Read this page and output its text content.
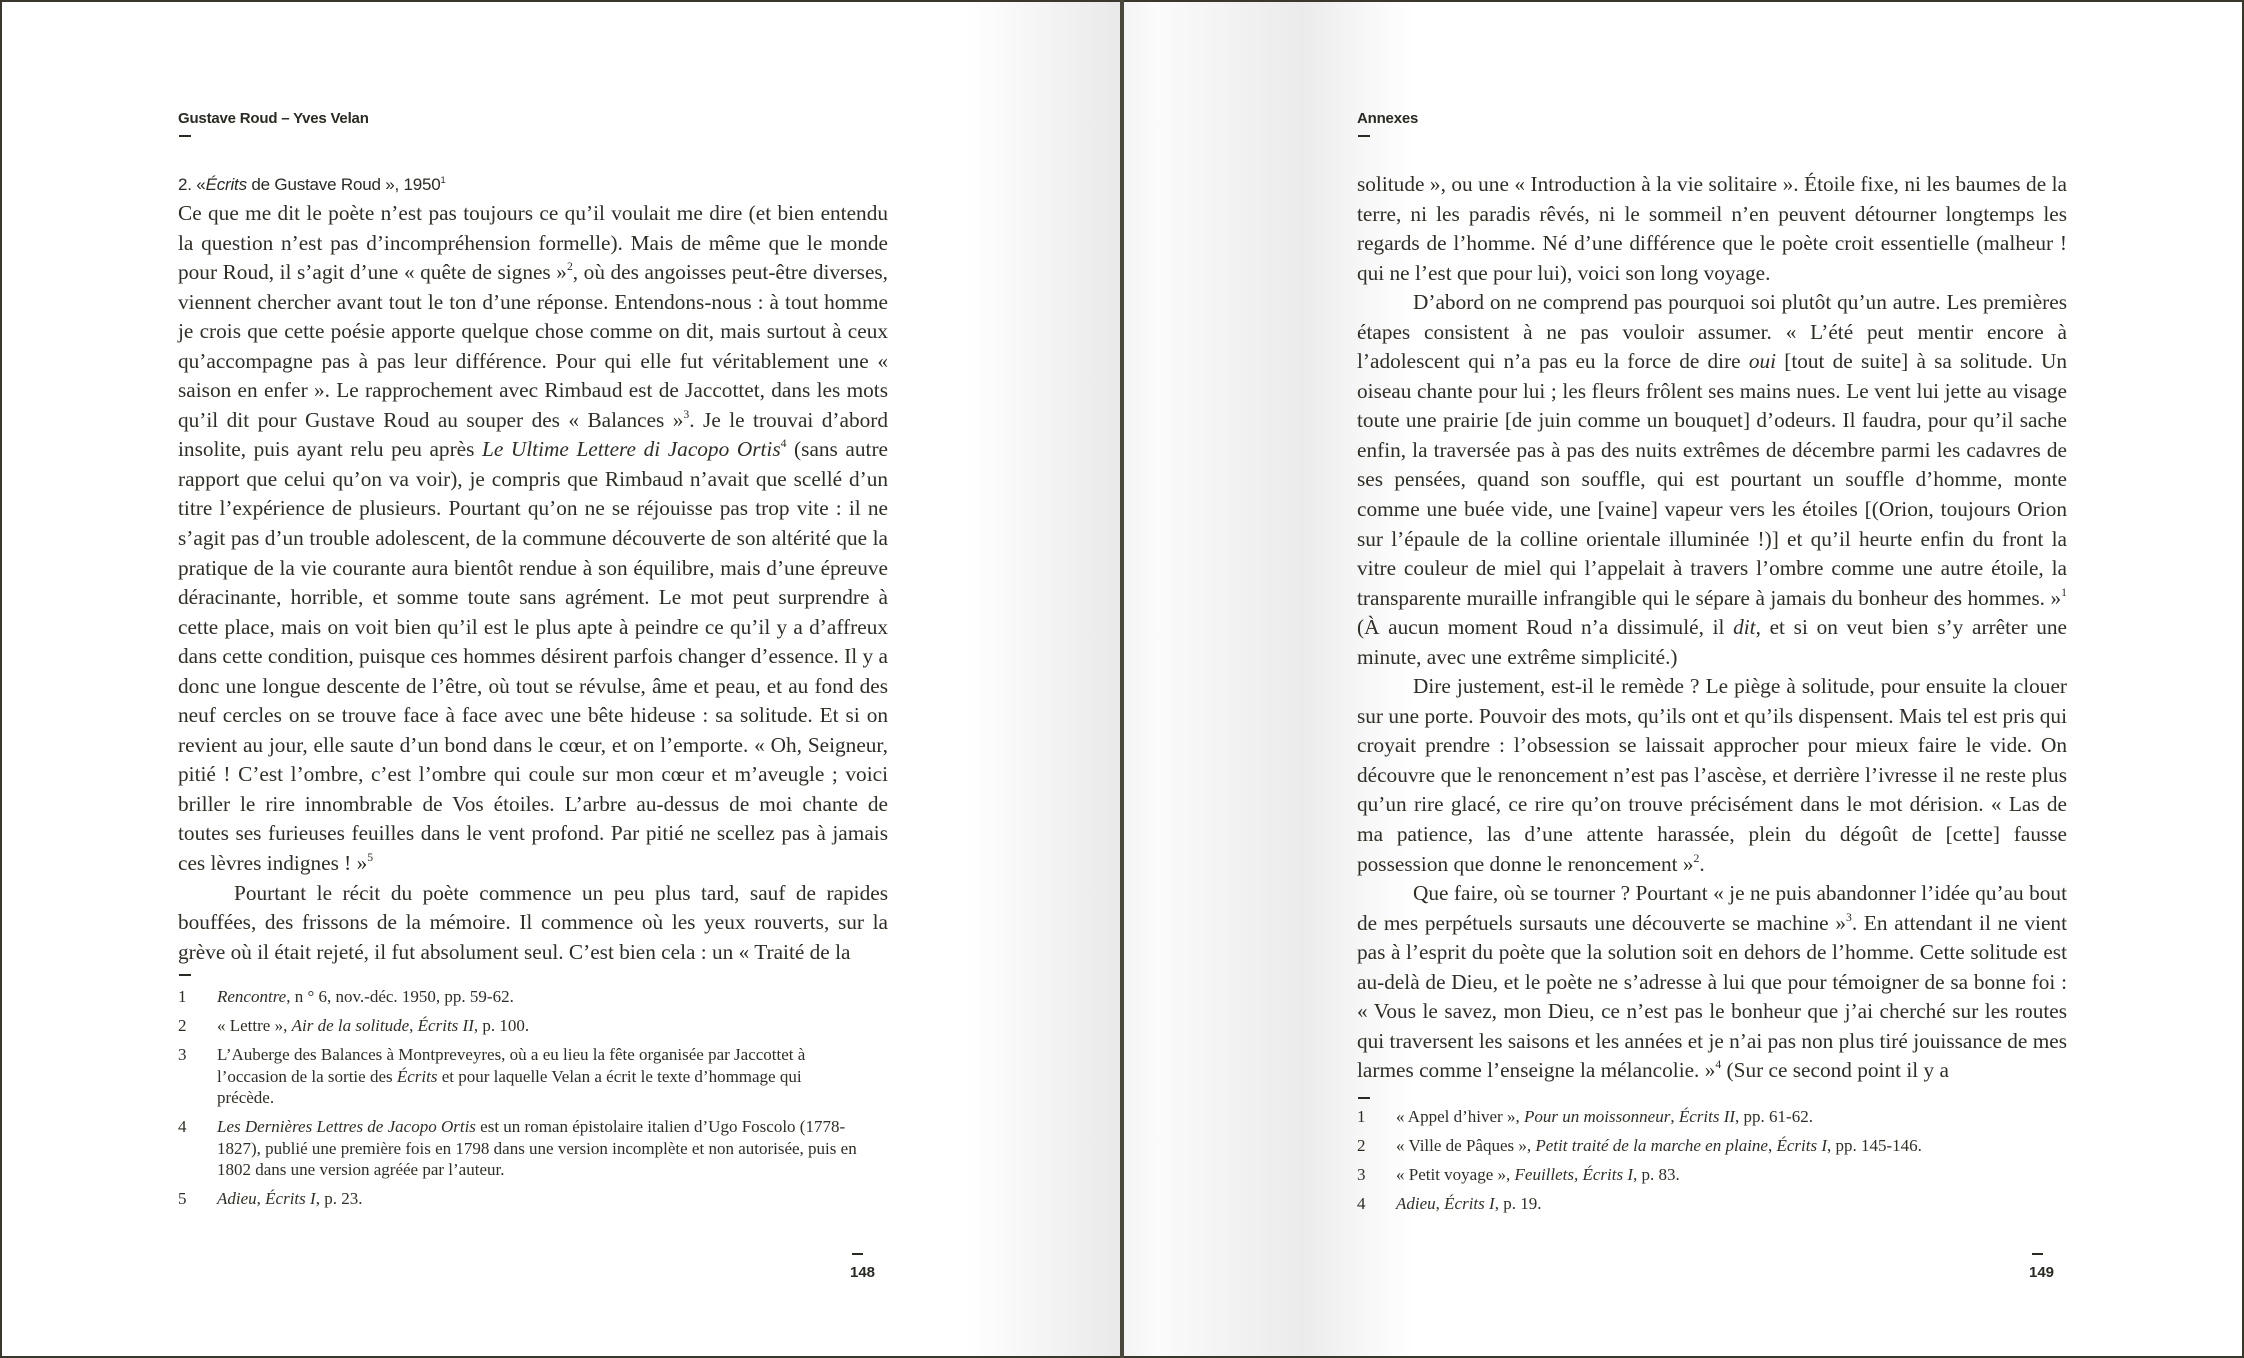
Gustave Roud – Yves Velan
2. «Écrits de Gustave Roud », 1950$^1$

Ce que me dit le poète n’est pas toujours ce qu’il voulait me dire (et bien entendu la question n’est pas d’incompréhension formelle). Mais de même que le monde pour Roud, il s’agit d’une « quête de signes »$^2$, où des angoisses peut-être diverses, viennent chercher avant tout le ton d’une réponse. Entendons-nous : à tout homme je crois que cette poésie apporte quelque chose comme on dit, mais surtout à ceux qu’accompagne pas à pas leur différence. Pour qui elle fut véritablement une « saison en enfer ». Le rapprochement avec Rimbaud est de Jaccottet, dans les mots qu’il dit pour Gustave Roud au souper des « Balances »$^3$. Je le trouvai d’abord insolite, puis ayant relu peu après Le Ultime Lettere di Jacopo Ortis$^4$ (sans autre rapport que celui qu’on va voir), je compris que Rimbaud n’avait que scellé d’un titre l’expérience de plusieurs. Pourtant qu’on ne se réjouisse pas trop vite : il ne s’agit pas d’un trouble adolescent, de la commune découverte de son altérité que la pratique de la vie courante aura bientôt rendue à son équilibre, mais d’une épreuve déracinante, horrible, et somme toute sans agrément. Le mot peut surprendre à cette place, mais on voit bien qu’il est le plus apte à peindre ce qu’il y a d’affreux dans cette condition, puisque ces hommes désirent parfois changer d’essence. Il y a donc une longue descente de l’être, où tout se révulse, âme et peau, et au fond des neuf cercles on se trouve face à face avec une bête hideuse : sa solitude. Et si on revient au jour, elle saute d’un bond dans le cœur, et on l’emporte. « Oh, Seigneur, pitié ! C’est l’ombre, c’est l’ombre qui coule sur mon cœur et m’aveugle ; voici briller le rire innombrable de Vos étoiles. L’arbre au-dessus de moi chante de toutes ses furieuses feuilles dans le vent profond. Par pitié ne scellez pas à jamais ces lèvres indignes ! »$^5$

Pourtant le récit du poète commence un peu plus tard, sauf de rapides bouffées, des frissons de la mémoire. Il commence où les yeux rouverts, sur la grève où il était rejeté, il fut absolument seul. C’est bien cela : un « Traité de la

1 Rencontre, n ° 6, nov.-déc. 1950, pp. 59-62.
2 « Lettre », Air de la solitude, Écrits II, p. 100.
3 L’Auberge des Balances à Montpreveyres, où a eu lieu la fête organisée par Jaccottet à l’occasion de la sortie des Écrits et pour laquelle Velan a écrit le texte d’hommage qui précède.
4 Les Dernières Lettres de Jacopo Ortis est un roman épistolaire italien d’Ugo Foscolo (1778-1827), publié une première fois en 1798 dans une version incomplète et non autorisée, puis en 1802 dans une version agréée par l’auteur.
5 Adieu, Écrits I, p. 23.
148
Annexes

solitude », ou une « Introduction à la vie solitaire ». Étoile fixe, ni les baumes de la terre, ni les paradis rêvés, ni le sommeil n’en peuvent détourner longtemps les regards de l’homme. Né d’une différence que le poète croit essentielle (malheur ! qui ne l’est que pour lui), voici son long voyage.

D’abord on ne comprend pas pourquoi soi plutôt qu’un autre. Les premières étapes consistent à ne pas vouloir assumer. « L’été peut mentir encore à l’adolescent qui n’a pas eu la force de dire oui [tout de suite] à sa solitude. Un oiseau chante pour lui ; les fleurs frôlent ses mains nues. Le vent lui jette au visage toute une prairie [de juin comme un bouquet] d’odeurs. Il faudra, pour qu’il sache enfin, la traversée pas à pas des nuits extrêmes de décembre parmi les cadavres de ses pensées, quand son souffle, qui est pourtant un souffle d’homme, monte comme une buée vide, une [vaine] vapeur vers les étoiles [(Orion, toujours Orion sur l’épaule de la colline orientale illuminée !)] et qu’il heurte enfin du front la vitre couleur de miel qui l’appelait à travers l’ombre comme une autre étoile, la transparente muraille infrangible qui le sépare à jamais du bonheur des hommes. »$^1$ (À aucun moment Roud n’a dissimulé, il dit, et si on veut bien s’y arrêter une minute, avec une extrême simplicité.)

Dire justement, est-il le remède ? Le piège à solitude, pour ensuite la clouer sur une porte. Pouvoir des mots, qu’ils ont et qu’ils dispensent. Mais tel est pris qui croyait prendre : l’obsession se laissait approcher pour mieux faire le vide. On découvre que le renoncement n’est pas l’ascèse, et derrière l’ivresse il ne reste plus qu’un rire glacé, ce rire qu’on trouve précisément dans le mot dérision. « Las de ma patience, las d’une attente harassée, plein du dégoût de [cette] fausse possession que donne le renoncement »$^2$.

Que faire, où se tourner ? Pourtant « je ne puis abandonner l’idée qu’au bout de mes perpétuels sursauts une découverte se machine »$^3$. En attendant il ne vient pas à l’esprit du poète que la solution soit en dehors de l’homme. Cette solitude est au-delà de Dieu, et le poète ne s’adresse à lui que pour témoigner de sa bonne foi : « Vous le savez, mon Dieu, ce n’est pas le bonheur que j’ai cherché sur les routes qui traversent les saisons et les années et je n’ai pas non plus tiré jouissance de mes larmes comme l’enseigne la mélancolie. »$^4$ (Sur ce second point il y a

1 « Appel d’hiver », Pour un moissonneur, Écrits II, pp. 61-62.
2 « Ville de Pâques », Petit traité de la marche en plaine, Écrits I, pp. 145-146.
3 « Petit voyage », Feuillets, Écrits I, p. 83.
4 Adieu, Écrits I, p. 19.
149
